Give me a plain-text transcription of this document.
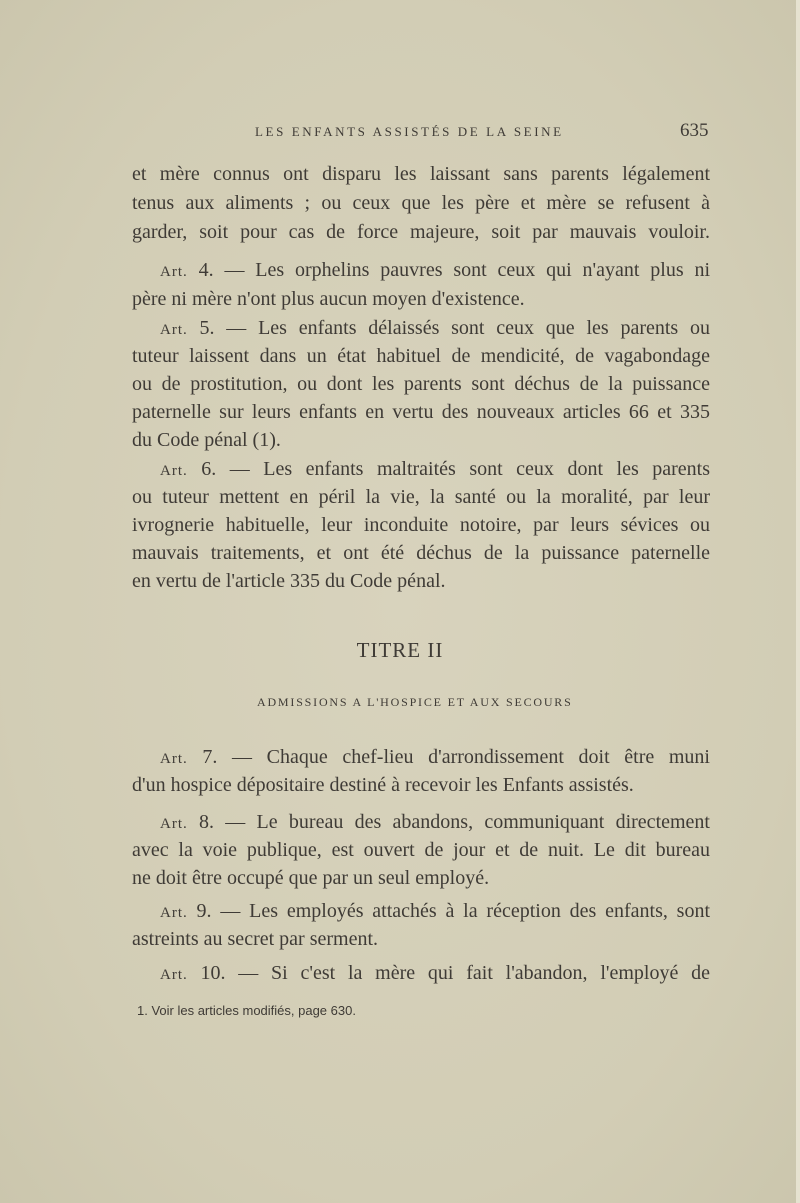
LES ENFANTS ASSISTÉS DE LA SEINE	635
et mère connus ont disparu les laissant sans parents légalement
tenus aux aliments ; ou ceux que les père et mère se refusent à
garder, soit pour cas de force majeure, soit par mauvais vouloir.
Art. 4. — Les orphelins pauvres sont ceux qui n'ayant plus ni
père ni mère n'ont plus aucun moyen d'existence.
Art. 5. — Les enfants délaissés sont ceux que les parents ou
tuteur laissent dans un état habituel de mendicité, de vagabondage
ou de prostitution, ou dont les parents sont déchus de la puissance
paternelle sur leurs enfants en vertu des nouveaux articles 66 et 335
du Code pénal (1).
Art. 6. — Les enfants maltraités sont ceux dont les parents
ou tuteur mettent en péril la vie, la santé ou la moralité, par leur
ivrognerie habituelle, leur inconduite notoire, par leurs sévices ou
mauvais traitements, et ont été déchus de la puissance paternelle
en vertu de l'article 335 du Code pénal.
TITRE II
ADMISSIONS A L'HOSPICE ET AUX SECOURS
Art. 7. — Chaque chef-lieu d'arrondissement doit être muni
d'un hospice dépositaire destiné à recevoir les Enfants assistés.
Art. 8. — Le bureau des abandons, communiquant directement
avec la voie publique, est ouvert de jour et de nuit. Le dit bureau
ne doit être occupé que par un seul employé.
Art. 9. — Les employés attachés à la réception des enfants, sont
astreints au secret par serment.
Art. 10. — Si c'est la mère qui fait l'abandon, l'employé de
1. Voir les articles modifiés, page 630.
